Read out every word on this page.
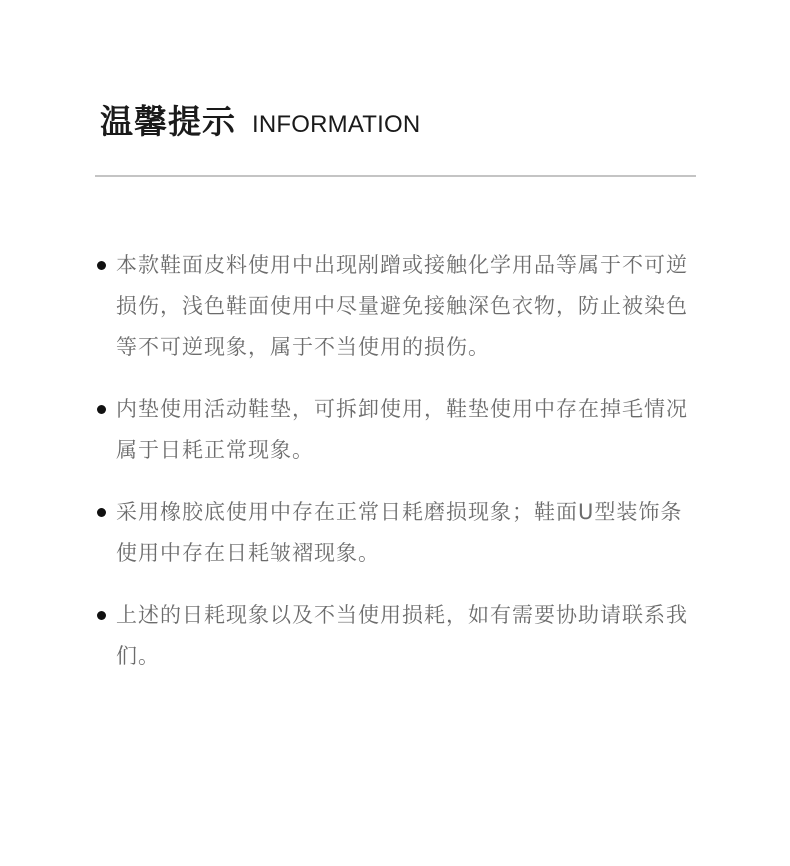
温馨提示 INFORMATION
本款鞋面皮料使用中出现剐蹭或接触化学用品等属于不可逆损伤，浅色鞋面使用中尽量避免接触深色衣物，防止被染色等不可逆现象，属于不当使用的损伤。
内垫使用活动鞋垫，可拆卸使用，鞋垫使用中存在掉毛情况属于日耗正常现象。
采用橡胶底使用中存在正常日耗磨损现象；鞋面U型装饰条使用中存在日耗皱褶现象。
上述的日耗现象以及不当使用损耗，如有需要协助请联系我们。
